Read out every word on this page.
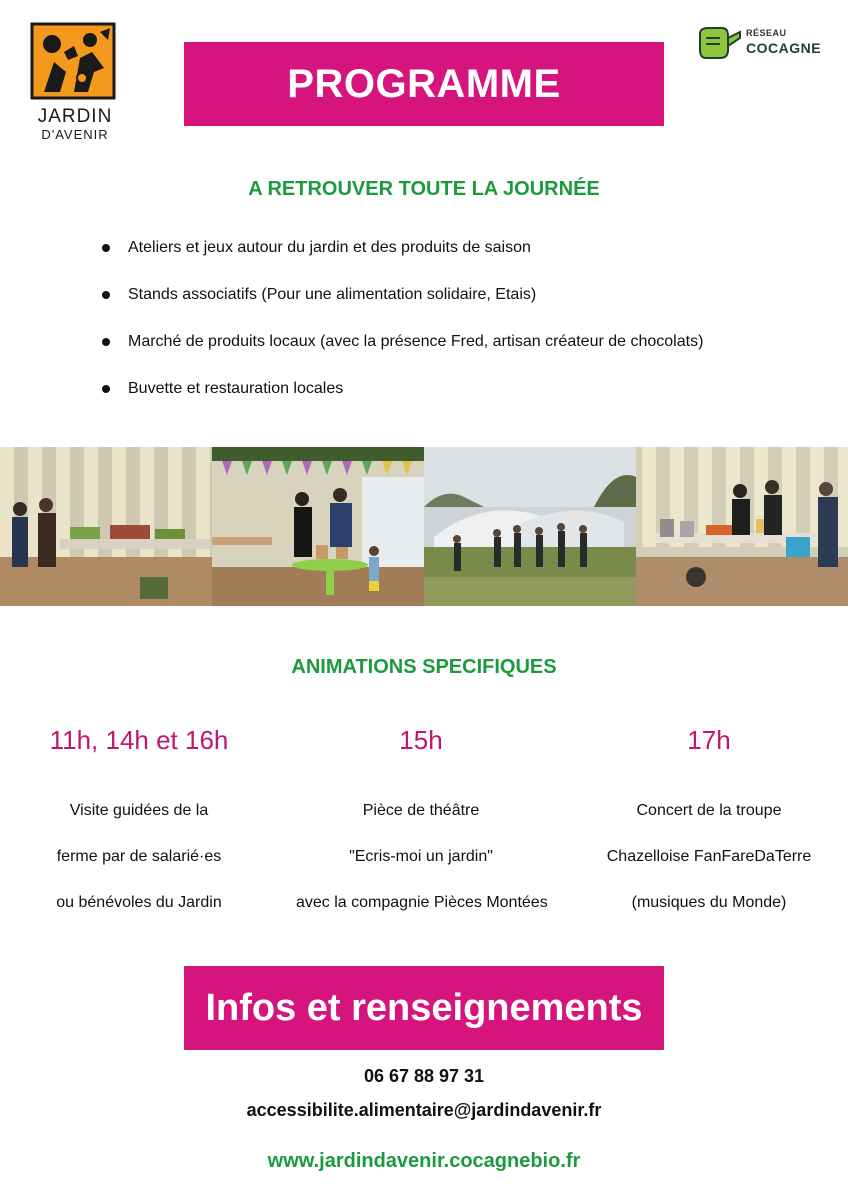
JARDIN
D'AVENIR
RÉSEAU
COCAGNE
PROGRAMME
A RETROUVER TOUTE LA JOURNÉE
Ateliers et jeux autour du jardin et des produits de saison
Stands associatifs (Pour une alimentation solidaire, Etais)
Marché de produits locaux (avec la présence Fred, artisan créateur de chocolats)
Buvette et restauration locales
ANIMATIONS SPECIFIQUES
11h, 14h et 16h
Visite guidées de la
ferme par de salarié·es
ou bénévoles du Jardin
15h
Pièce de théâtre
"Ecris-moi un jardin"
avec la compagnie Pièces Montées
17h
Concert de la troupe
Chazelloise FanFareDaTerre
(musiques du Monde)
Infos et renseignements
06 67 88 97 31
accessibilite.alimentaire@jardindavenir.fr
www.jardindavenir.cocagnebio.fr
